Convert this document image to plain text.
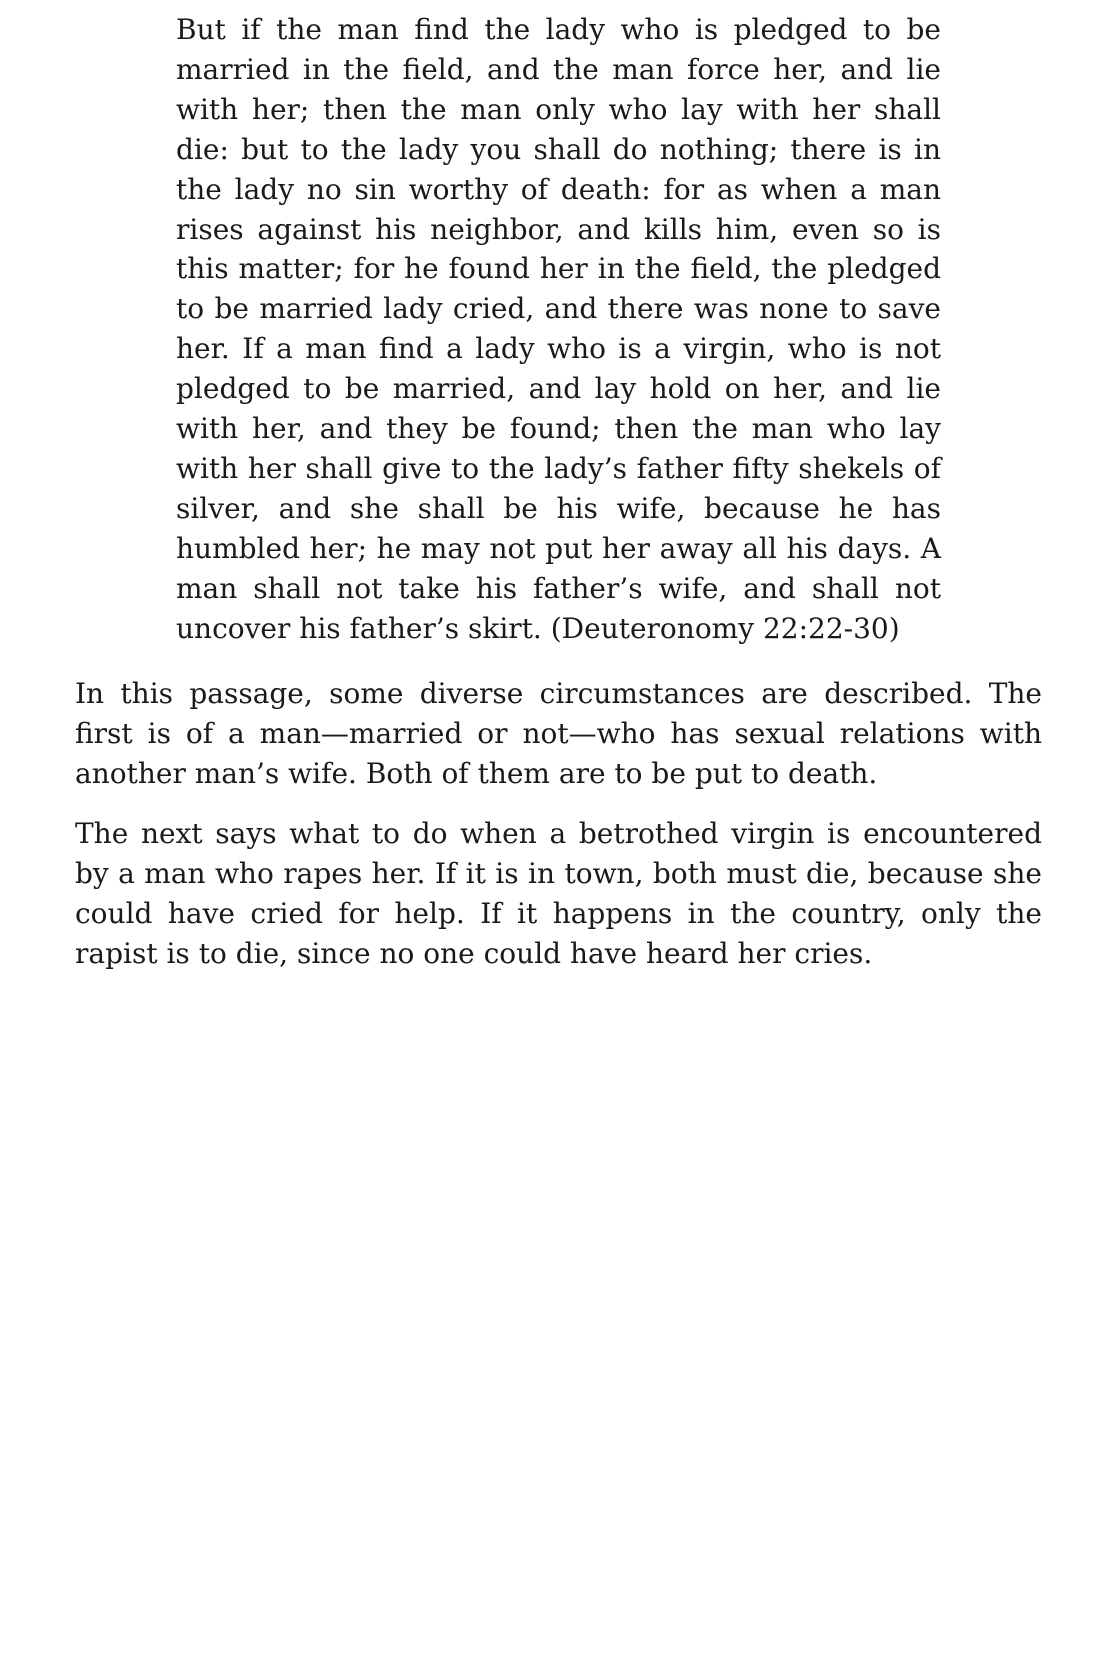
But if the man find the lady who is pledged to be married in the field, and the man force her, and lie with her; then the man only who lay with her shall die: but to the lady you shall do nothing; there is in the lady no sin worthy of death: for as when a man rises against his neighbor, and kills him, even so is this matter; for he found her in the field, the pledged to be married lady cried, and there was none to save her. If a man find a lady who is a virgin, who is not pledged to be married, and lay hold on her, and lie with her, and they be found; then the man who lay with her shall give to the lady’s father fifty shekels of silver, and she shall be his wife, because he has humbled her; he may not put her away all his days. A man shall not take his father’s wife, and shall not uncover his father’s skirt. (Deuteronomy 22:22-30)

In this passage, some diverse circumstances are described. The first is of a man—married or not—who has sexual relations with another man’s wife. Both of them are to be put to death.

The next says what to do when a betrothed virgin is encountered by a man who rapes her. If it is in town, both must die, because she could have cried for help. If it happens in the country, only the rapist is to die, since no one could have heard her cries.
